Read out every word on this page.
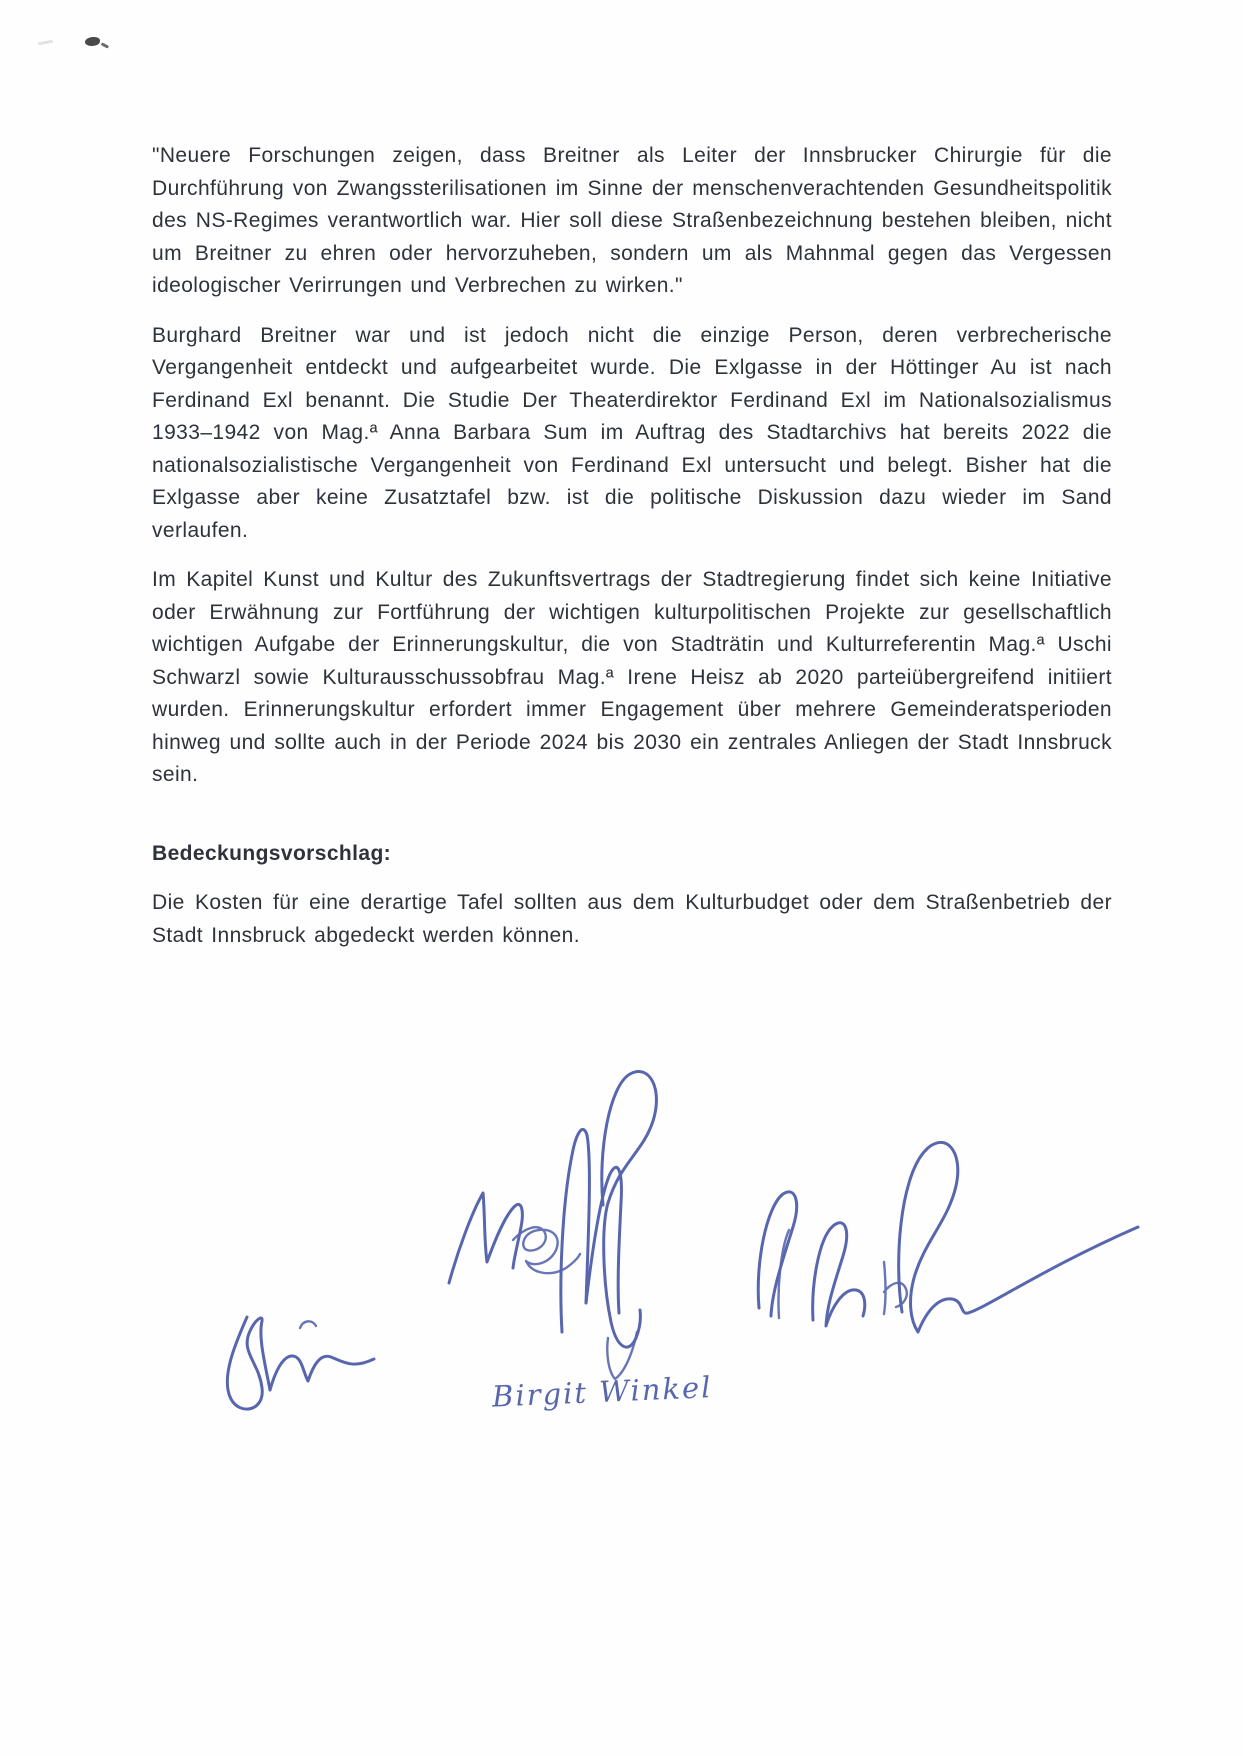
"Neuere Forschungen zeigen, dass Breitner als Leiter der Innsbrucker Chirurgie für die Durchführung von Zwangssterilisationen im Sinne der menschenverachtenden Gesundheitspolitik des NS-Regimes verantwortlich war. Hier soll diese Straßenbezeichnung bestehen bleiben, nicht um Breitner zu ehren oder hervorzuheben, sondern um als Mahnmal gegen das Vergessen ideologischer Verirrungen und Verbrechen zu wirken."

Burghard Breitner war und ist jedoch nicht die einzige Person, deren verbrecherische Vergangenheit entdeckt und aufgearbeitet wurde. Die Exlgasse in der Höttinger Au ist nach Ferdinand Exl benannt. Die Studie Der Theaterdirektor Ferdinand Exl im Nationalsozialismus 1933–1942 von Mag.ª Anna Barbara Sum im Auftrag des Stadtarchivs hat bereits 2022 die nationalsozialistische Vergangenheit von Ferdinand Exl untersucht und belegt. Bisher hat die Exlgasse aber keine Zusatztafel bzw. ist die politische Diskussion dazu wieder im Sand verlaufen.

Im Kapitel Kunst und Kultur des Zukunftsvertrags der Stadtregierung findet sich keine Initiative oder Erwähnung zur Fortführung der wichtigen kulturpolitischen Projekte zur gesellschaftlich wichtigen Aufgabe der Erinnerungskultur, die von Stadträtin und Kulturreferentin Mag.ª Uschi Schwarzl sowie Kulturausschussobfrau Mag.ª Irene Heisz ab 2020 parteiübergreifend initiiert wurden. Erinnerungskultur erfordert immer Engagement über mehrere Gemeinderatsperioden hinweg und sollte auch in der Periode 2024 bis 2030 ein zentrales Anliegen der Stadt Innsbruck sein.

Bedeckungsvorschlag:

Die Kosten für eine derartige Tafel sollten aus dem Kulturbudget oder dem Straßenbetrieb der Stadt Innsbruck abgedeckt werden können.

Birgit Winkel
